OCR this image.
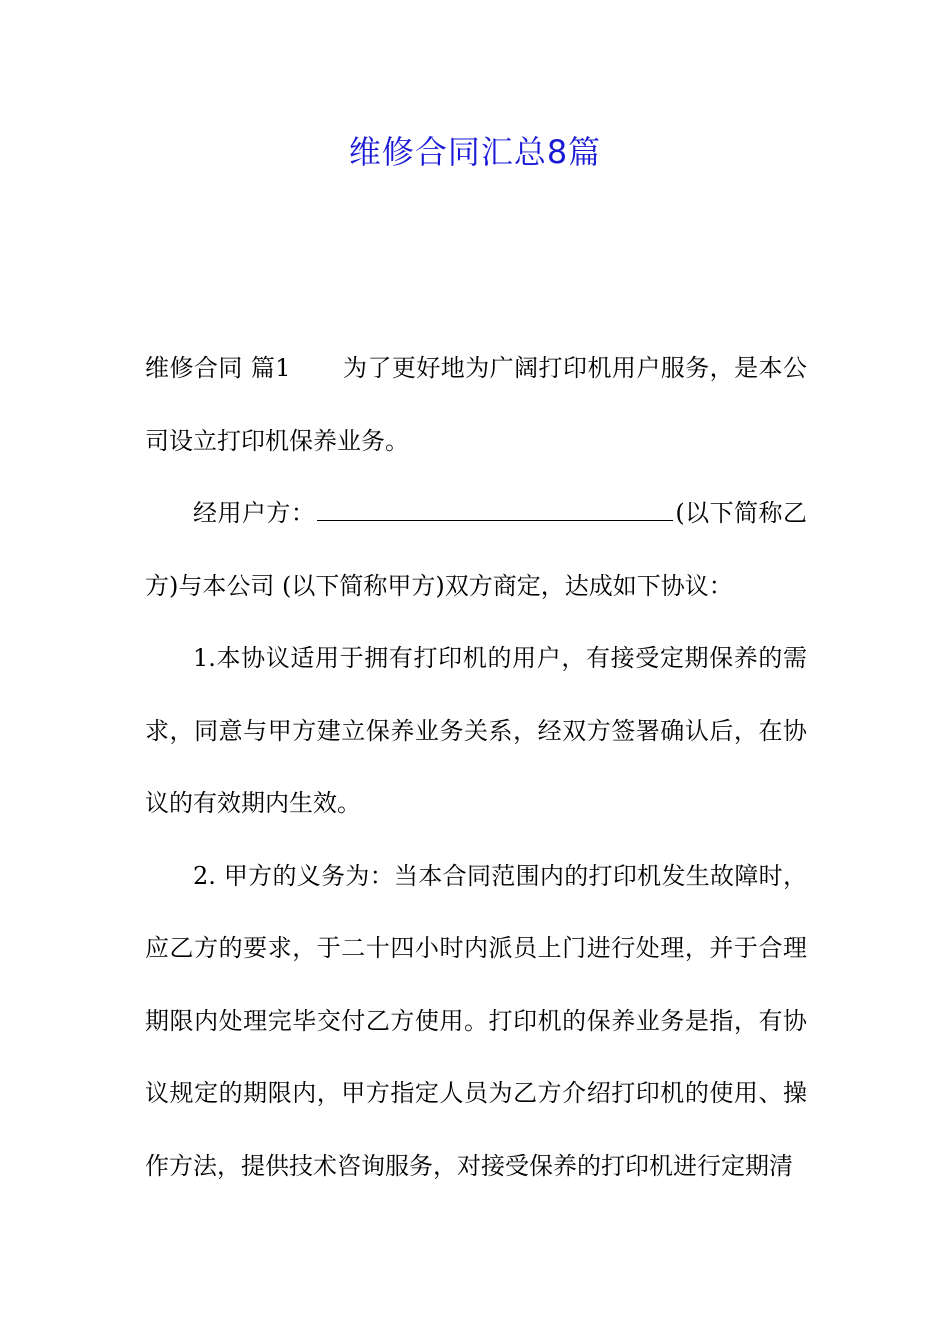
维修合同汇总8篇

维修合同 篇1 为了更好地为广阔打印机用户服务，是本公司设立打印机保养业务。

经用户方：	(以下简称乙方)与本公司 (以下简称甲方)双方商定，达成如下协议：

1.本协议适用于拥有打印机的用户，有接受定期保养的需求，同意与甲方建立保养业务关系，经双方签署确认后，在协议的有效期内生效。

2. 甲方的义务为：当本合同范围内的打印机发生故障时，应乙方的要求，于二十四小时内派员上门进行处理，并于合理期限内处理完毕交付乙方使用。打印机的保养业务是指，有协议规定的期限内，甲方指定人员为乙方介绍打印机的使用、操作方法，提供技术咨询服务，对接受保养的打印机进行定期清
